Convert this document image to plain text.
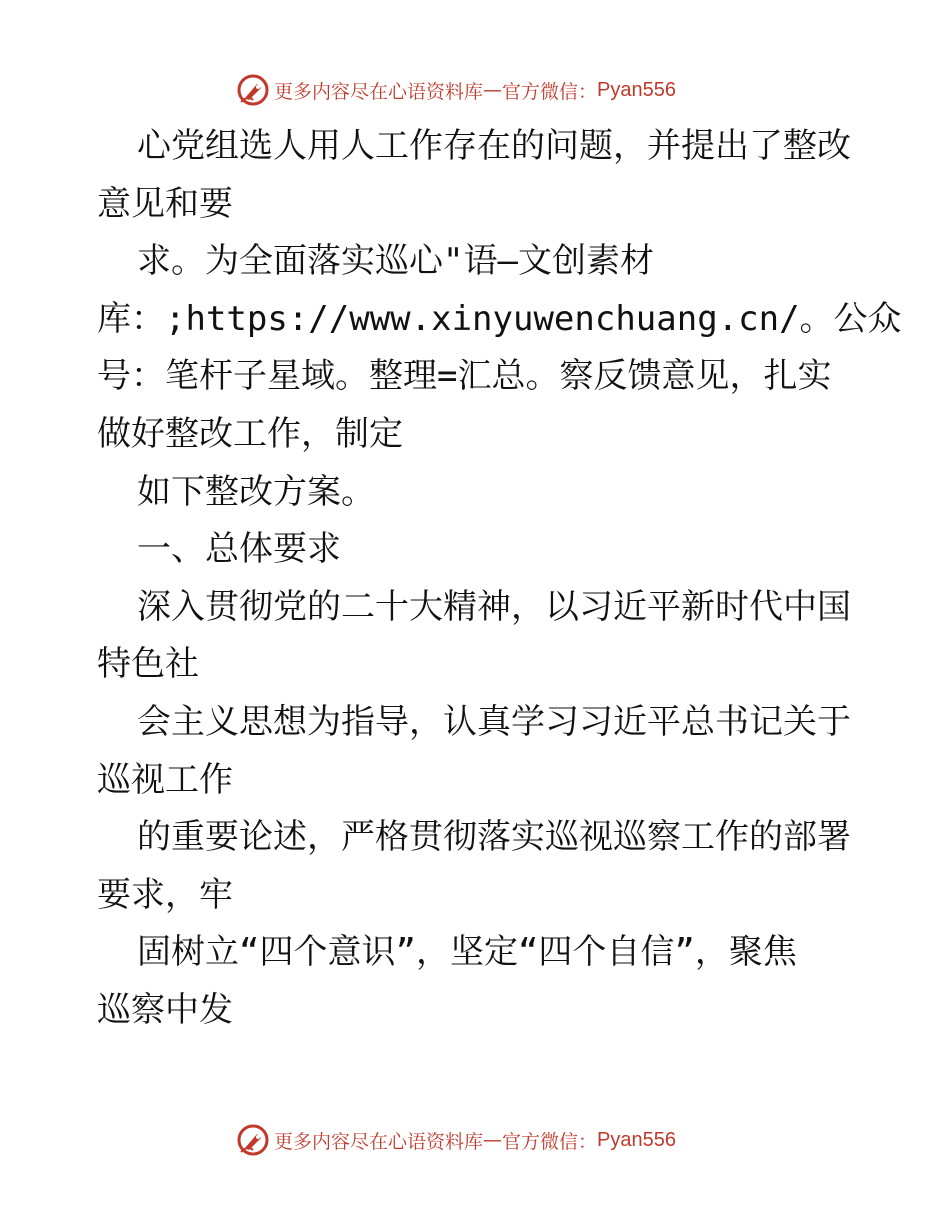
更多内容尽在心语资料库 — 官方微信： Pyan556
心党组选人用人工作存在的问题，并提出了整改
意见和要
求。为全面落实巡心"语—文创素材
库：;https://www.xinyuwenchuang.cn/。公众
号：笔杆子星域。整理=汇总。察反馈意见，扎实
做好整改工作，制定
如下整改方案。
一、总体要求
深入贯彻党的二十大精神，以习近平新时代中国
特色社
会主义思想为指导，认真学习习近平总书记关于
巡视工作
的重要论述，严格贯彻落实巡视巡察工作的部署
要求，牢
固树立“四个意识”，坚定“四个自信”，聚焦
巡察中发
更多内容尽在心语资料库 — 官方微信： Pyan556
